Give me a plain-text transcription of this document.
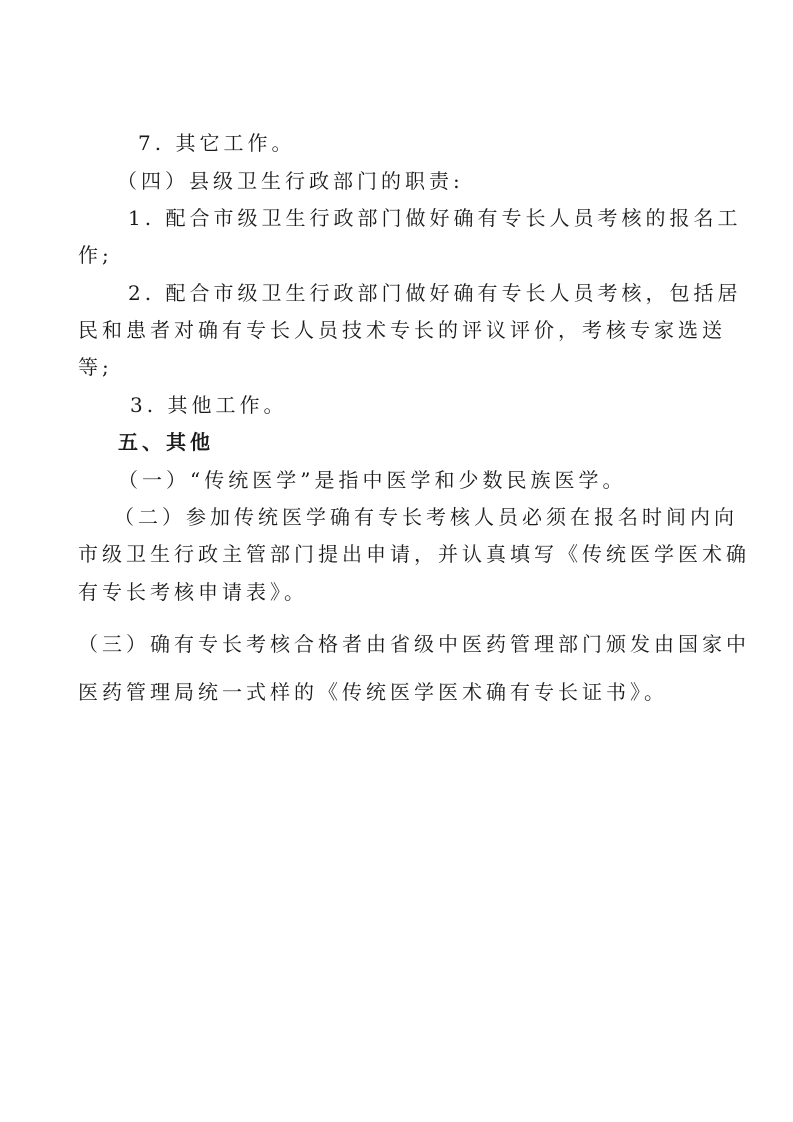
7. 其它工作。
（四）县级卫生行政部门的职责:
1. 配合市级卫生行政部门做好确有专长人员考核的报名工
作;
2. 配合市级卫生行政部门做好确有专长人员考核，包括居
民和患者对确有专长人员技术专长的评议评价，考核专家选送
等;
3. 其他工作。
五、其他
（一）“传统医学”是指中医学和少数民族医学。
（二）参加传统医学确有专长考核人员必须在报名时间内向
市级卫生行政主管部门提出申请，并认真填写《传统医学医术确
有专长考核申请表》。
（三）确有专长考核合格者由省级中医药管理部门颁发由国家中
医药管理局统一式样的《传统医学医术确有专长证书》。
